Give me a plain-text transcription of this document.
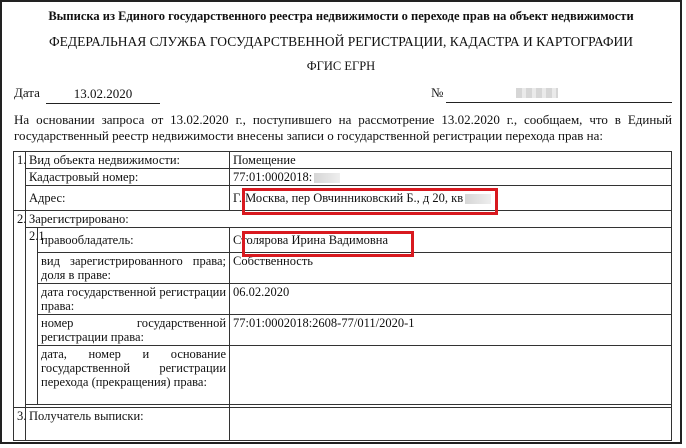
Выписка из Единого государственного реестра недвижимости о переходе прав на объект недвижимости
ФЕДЕРАЛЬНАЯ СЛУЖБА ГОСУДАРСТВЕННОЙ РЕГИСТРАЦИИ, КАДАСТРА И КАРТОГРАФИИ
ФГИС ЕГРН
Дата	13.02.2020	№
На основании запроса от 13.02.2020 г., поступившего на рассмотрение 13.02.2020 г., сообщаем, что в Единый государственный реестр недвижимости внесены записи о государственной регистрации перехода прав на:
1.	Вид объекта недвижимости:		Помещение
	Кадастровый номер:		77:01:0002018:
	Адрес:		Г. Москва, пер Овчинниковский Б., д 20, кв
2.	Зарегистрировано:		
	2.1	правообладатель:	Столярова Ирина Вадимовна
		вид зарегистрированного права; доля в праве:	Собственность
		дата государственной регистрации права:	06.02.2020
		номер государственной регистрации права:	77:01:0002018:2608-77/011/2020-1
		дата, номер и основание государственной регистрации перехода (прекращения) права:	

3.	Получатель выписки:		
